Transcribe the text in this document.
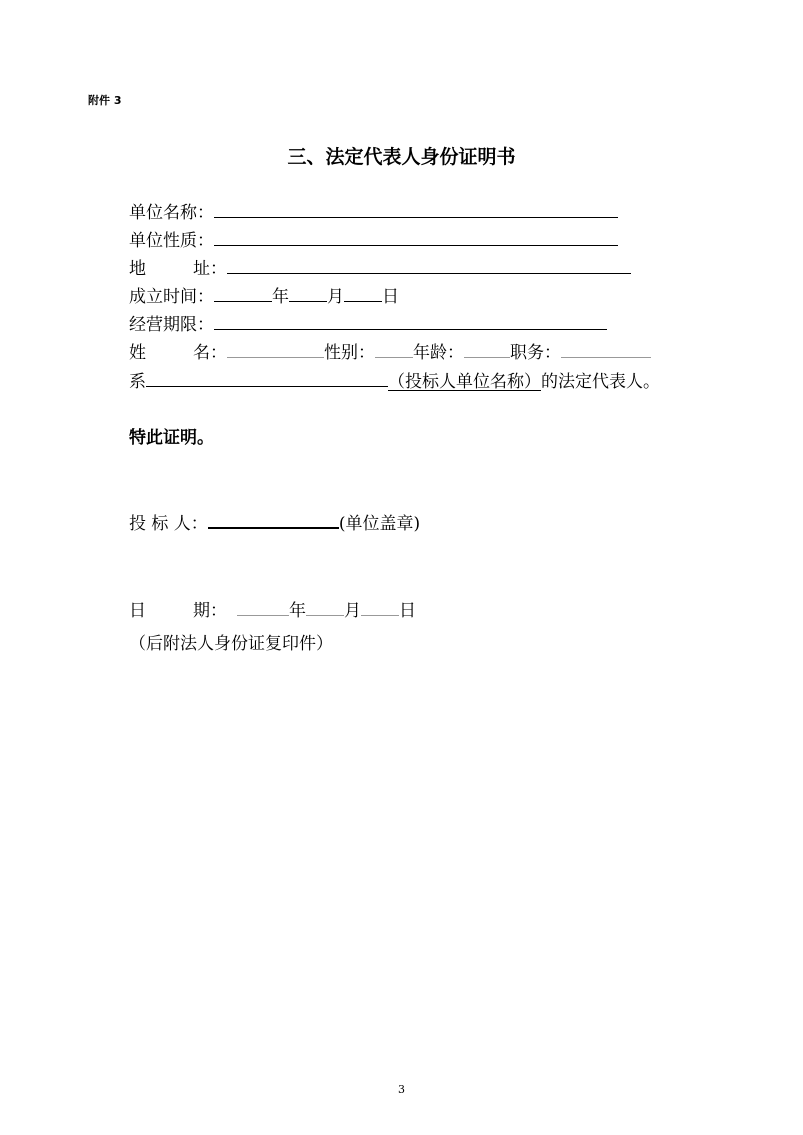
附件 3
三、法定代表人身份证明书
单位名称：
单位性质：
地	址：
成立时间：	年 月 日
经营期限：
姓	名：	性别： 年龄：	职务：
系	（投标人单位名称）的法定代表人。
特此证明。
投 标 人：	(单位盖章)
日	期：	年 月 日
（后附法人身份证复印件）
3
